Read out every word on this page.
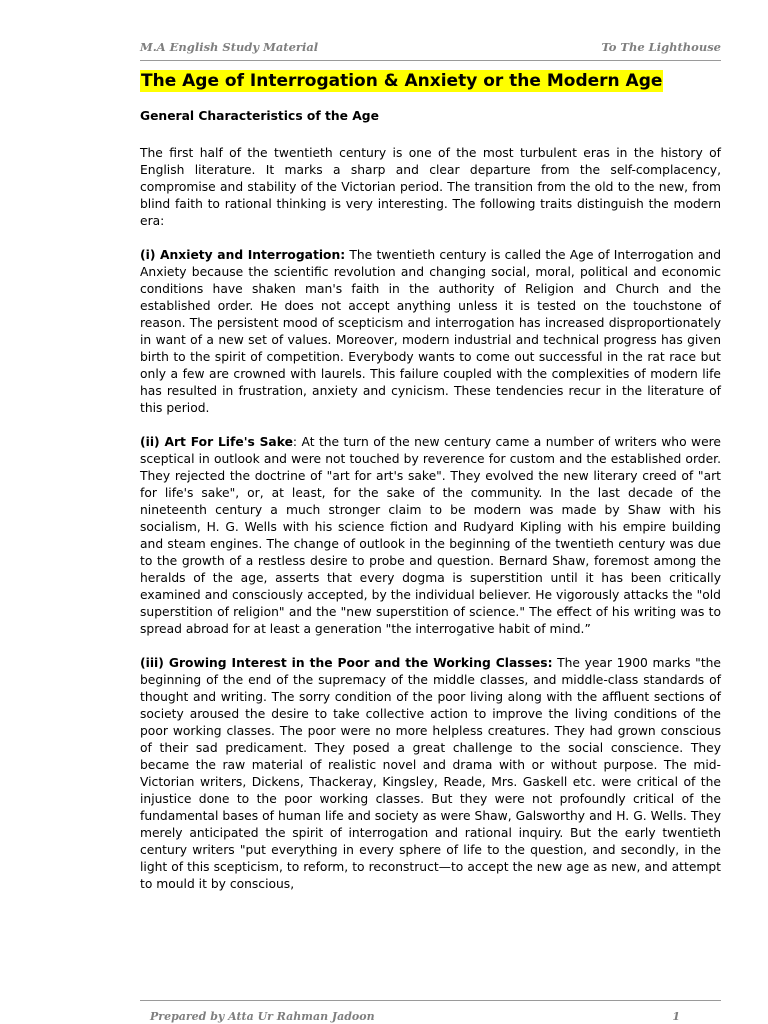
M.A English Study Material	To The Lighthouse
The Age of Interrogation & Anxiety or the Modern Age
General Characteristics of the Age

The first half of the twentieth century is one of the most turbulent eras in the history of English literature. It marks a sharp and clear departure from the self-complacency, compromise and stability of the Victorian period. The transition from the old to the new, from blind faith to rational thinking is very interesting. The following traits distinguish the modern era:

(i) Anxiety and Interrogation: The twentieth century is called the Age of Interrogation and Anxiety because the scientific revolution and changing social, moral, political and economic conditions have shaken man's faith in the authority of Religion and Church and the established order. He does not accept anything unless it is tested on the touchstone of reason. The persistent mood of scepticism and interrogation has increased disproportionately in want of a new set of values. Moreover, modern industrial and technical progress has given birth to the spirit of competition. Everybody wants to come out successful in the rat race but only a few are crowned with laurels. This failure coupled with the complexities of modern life has resulted in frustration, anxiety and cynicism. These tendencies recur in the literature of this period.

(ii) Art For Life's Sake: At the turn of the new century came a number of writers who were sceptical in outlook and were not touched by reverence for custom and the established order. They rejected the doctrine of "art for art's sake". They evolved the new literary creed of "art for life's sake", or, at least, for the sake of the community. In the last decade of the nineteenth century a much stronger claim to be modern was made by Shaw with his socialism, H. G. Wells with his science fiction and Rudyard Kipling with his empire building and steam engines. The change of outlook in the beginning of the twentieth century was due to the growth of a restless desire to probe and question. Bernard Shaw, foremost among the heralds of the age, asserts that every dogma is superstition until it has been critically examined and consciously accepted, by the individual believer. He vigorously attacks the "old superstition of religion" and the "new superstition of science." The effect of his writing was to spread abroad for at least a generation "the interrogative habit of mind.”

(iii) Growing Interest in the Poor and the Working Classes: The year 1900 marks "the beginning of the end of the supremacy of the middle classes, and middle-class standards of thought and writing. The sorry condition of the poor living along with the affluent sections of society aroused the desire to take collective action to improve the living conditions of the poor working classes. The poor were no more helpless creatures. They had grown conscious of their sad predicament. They posed a great challenge to the social conscience. They became the raw material of realistic novel and drama with or without purpose. The mid-Victorian writers, Dickens, Thackeray, Kingsley, Reade, Mrs. Gaskell etc. were critical of the injustice done to the poor working classes. But they were not profoundly critical of the fundamental bases of human life and society as were Shaw, Galsworthy and H. G. Wells. They merely anticipated the spirit of interrogation and rational inquiry. But the early twentieth century writers "put everything in every sphere of life to the question, and secondly, in the light of this scepticism, to reform, to reconstruct—to accept the new age as new, and attempt to mould it by conscious,

Prepared by Atta Ur Rahman Jadoon	1
